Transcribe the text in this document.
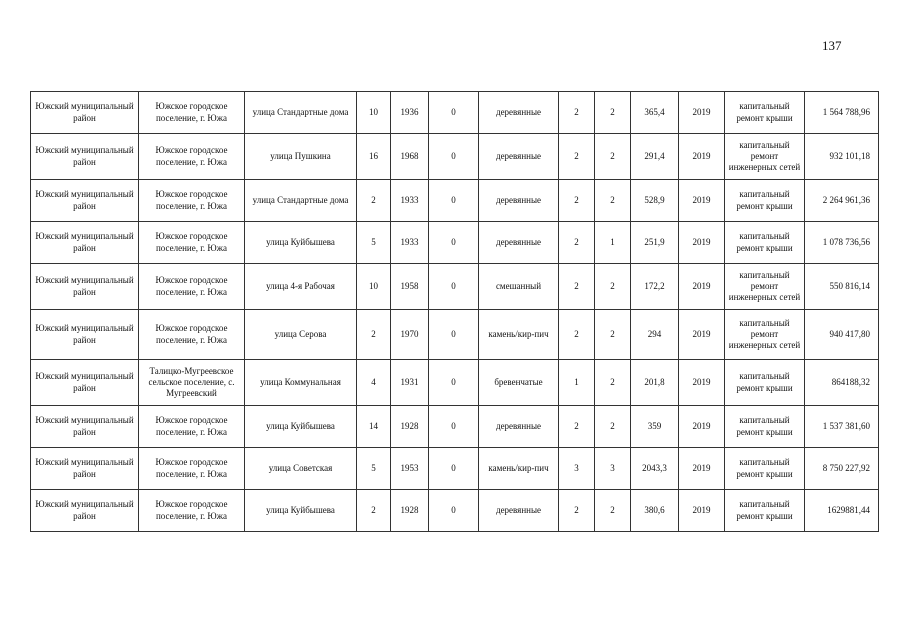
137
Южский муниципальный район	Южское городское поселение, г. Южа	улица Стандартные дома	10	1936	0	деревянные	2	2	365,4	2019	капитальный ремонт крыши	1 564 788,96
Южский муниципальный район	Южское городское поселение, г. Южа	улица Пушкина	16	1968	0	деревянные	2	2	291,4	2019	капитальный ремонт инженерных сетей	932 101,18
Южский муниципальный район	Южское городское поселение, г. Южа	улица Стандартные дома	2	1933	0	деревянные	2	2	528,9	2019	капитальный ремонт крыши	2 264 961,36
Южский муниципальный район	Южское городское поселение, г. Южа	улица Куйбышева	5	1933	0	деревянные	2	1	251,9	2019	капитальный ремонт крыши	1 078 736,56
Южский муниципальный район	Южское городское поселение, г. Южа	улица 4-я Рабочая	10	1958	0	смешанный	2	2	172,2	2019	капитальный ремонт инженерных сетей	550 816,14
Южский муниципальный район	Южское городское поселение, г. Южа	улица Серова	2	1970	0	камень/кир-пич	2	2	294	2019	капитальный ремонт инженерных сетей	940 417,80
Южский муниципальный район	Талицко-Мугреевское сельское поселение, с. Мугреевский	улица Коммунальная	4	1931	0	бревенчатые	1	2	201,8	2019	капитальный ремонт крыши	864188,32
Южский муниципальный район	Южское городское поселение, г. Южа	улица Куйбышева	14	1928	0	деревянные	2	2	359	2019	капитальный ремонт крыши	1 537 381,60
Южский муниципальный район	Южское городское поселение, г. Южа	улица Советская	5	1953	0	камень/кир-пич	3	3	2043,3	2019	капитальный ремонт крыши	8 750 227,92
Южский муниципальный район	Южское городское поселение, г. Южа	улица Куйбышева	2	1928	0	деревянные	2	2	380,6	2019	капитальный ремонт крыши	1629881,44
